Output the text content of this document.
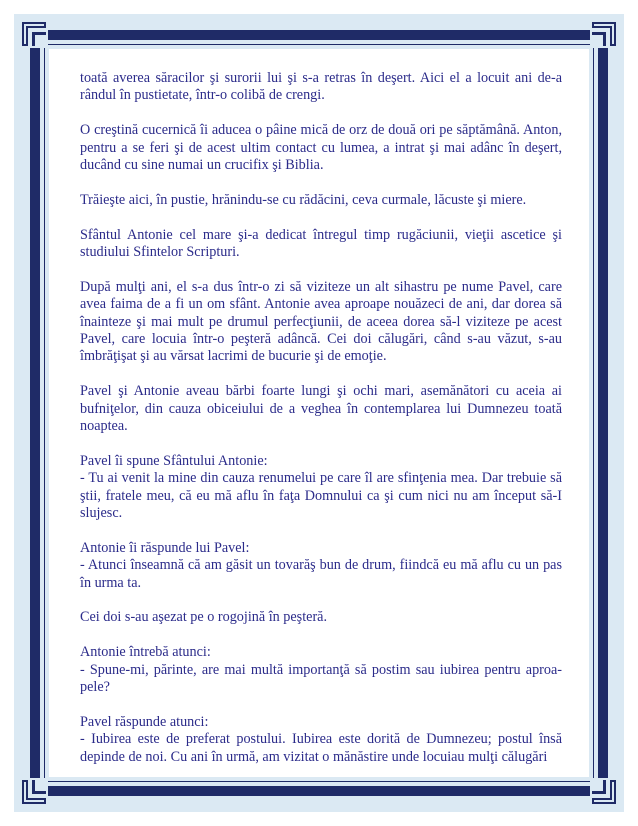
toată averea săracilor şi surorii lui şi s-a retras în deşert. Aici el a locuit ani de-a rândul în pustietate, într-o colibă de crengi.

O creştină cucernică îi aducea o pâine mică de orz de două ori pe săptămână. Anton, pentru a se feri şi de acest ultim contact cu lumea, a intrat şi mai adânc în deşert, ducând cu sine numai un crucifix şi Biblia.

Trăieşte aici, în pustie, hrănindu-se cu rădăcini, ceva curmale, lăcuste şi miere.

Sfântul Antonie cel mare şi-a dedicat întregul timp rugăciunii, vieţii ascetice şi studiului Sfintelor Scripturi.

După mulţi ani, el s-a dus într-o zi să viziteze un alt sihastru pe nume Pavel, care avea faima de a fi un om sfânt. Antonie avea aproape nouăzeci de ani, dar dorea să înainteze şi mai mult pe drumul perfecţiunii, de aceea dorea să-l viziteze pe acest Pavel, care locuia într-o peşteră adâncă. Cei doi călugări, când s-au văzut, s-au îmbrăţişat şi au vărsat lacrimi de bucurie şi de emoţie.

Pavel şi Antonie aveau bărbi foarte lungi şi ochi mari, asemănători cu aceia ai bufniţelor, din cauza obiceiului de a veghea în contemplarea lui Dumnezeu toată noaptea.

Pavel îi spune Sfântului Antonie:
- Tu ai venit la mine din cauza renumelui pe care îl are sfinţenia mea. Dar trebuie să ştii, fratele meu, că eu mă aflu în faţa Domnului ca şi cum nici nu am început să-I slujesc.

Antonie îi răspunde lui Pavel:
- Atunci înseamnă că am găsit un tovarăş bun de drum, fiindcă eu mă aflu cu un pas în urma ta.

Cei doi s-au aşezat pe o rogojină în peşteră.

Antonie întrebă atunci:
- Spune-mi, părinte, are mai multă importanţă să postim sau iubirea pentru aproa-pele?

Pavel răspunde atunci:
- Iubirea este de preferat postului. Iubirea este dorită de Dumnezeu; postul însă depinde de noi. Cu ani în urmă, am vizitat o mănăstire unde locuiau mulţi călugări
